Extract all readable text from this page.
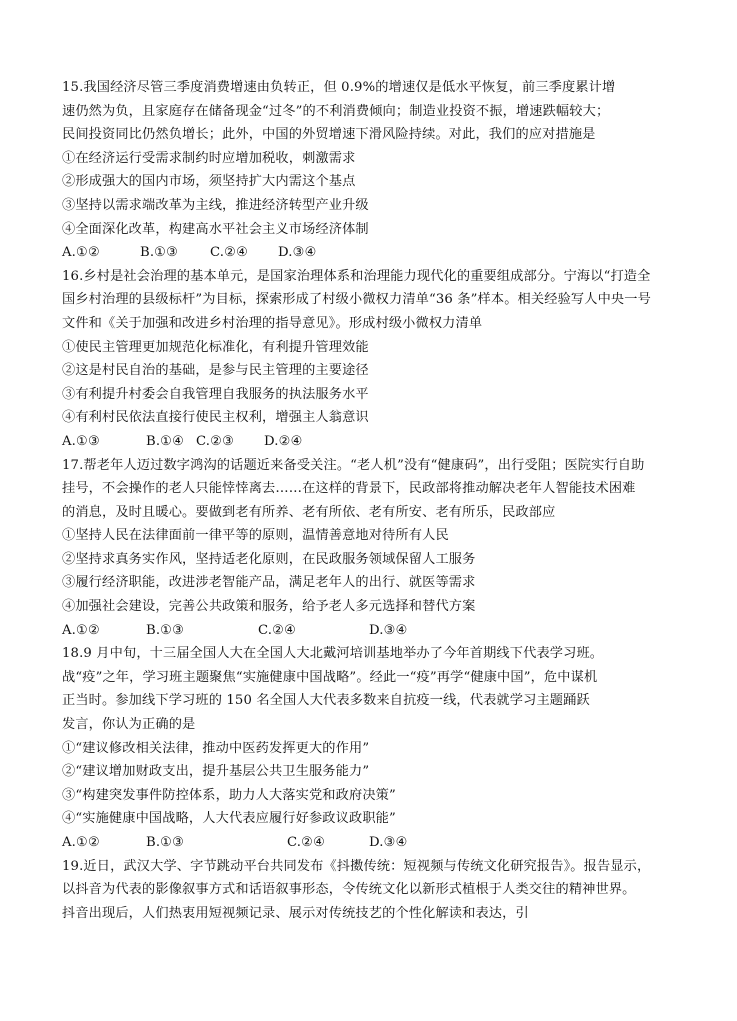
15.我国经济尽管三季度消费增速由负转正，但 0.9%的增速仅是低水平恢复，前三季度累计增
速仍然为负，且家庭存在储备现金“过冬”的不利消费倾向；制造业投资不振，增速跌幅较大；
民间投资同比仍然负增长；此外，中国的外贸增速下滑风险持续。对此，我们的应对措施是
①在经济运行受需求制约时应增加税收，刺激需求
②形成强大的国内市场，须坚持扩大内需这个基点
③坚持以需求端改革为主线，推进经济转型产业升级
④全面深化改革，构建高水平社会主义市场经济体制
A.①②	B.①③	C.②④	D.③④
16.乡村是社会治理的基本单元，是国家治理体系和治理能力现代化的重要组成部分。宁海以“打造全
国乡村治理的县级标杆”为目标，探索形成了村级小微权力清单“36 条”样本。相关经验写人中央一号
文件和《关于加强和改进乡村治理的指导意见》。形成村级小微权力清单
①使民主管理更加规范化标准化，有利提升管理效能
②这是村民自治的基础，是参与民主管理的主要途径
③有利提升村委会自我管理自我服务的执法服务水平
④有利村民依法直接行使民主权利，增强主人翁意识
A.①③	B.①④ C.②③	D.②④
17.帮老年人迈过数字鸿沟的话题近来备受关注。“老人机”没有“健康码”，出行受阻；医院实行自助
挂号，不会操作的老人只能悻悻离去……在这样的背景下，民政部将推动解决老年人智能技术困难
的消息，及时且暖心。要做到老有所养、老有所依、老有所安、老有所乐，民政部应
①坚持人民在法律面前一律平等的原则，温情善意地对待所有人民
②坚持求真务实作风，坚持适老化原则，在民政服务领域保留人工服务
③履行经济职能，改进涉老智能产品，满足老年人的出行、就医等需求
④加强社会建设，完善公共政策和服务，给予老人多元选择和替代方案
A.①②	B.①③	C.②④	D.③④
18.9 月中旬，十三届全国人大在全国人大北戴河培训基地举办了今年首期线下代表学习班。
战“疫”之年，学习班主题聚焦“实施健康中国战略”。经此一“疫”再学“健康中国”，危中谋机
正当时。参加线下学习班的 150 名全国人大代表多数来自抗疫一线，代表就学习主题踊跃
发言，你认为正确的是
①“建议修改相关法律，推动中医药发挥更大的作用”
②“建议增加财政支出，提升基层公共卫生服务能力”
③“构建突发事件防控体系，助力人大落实党和政府决策”
④“实施健康中国战略，人大代表应履行好参政议政职能”
A.①②	B.①③	C.②④	D.③④
19.近日，武汉大学、字节跳动平台共同发布《抖擞传统：短视频与传统文化研究报告》。报告显示，
以抖音为代表的影像叙事方式和话语叙事形态，令传统文化以新形式植根于人类交往的精神世界。
抖音出现后，人们热衷用短视频记录、展示对传统技艺的个性化解读和表达，引
